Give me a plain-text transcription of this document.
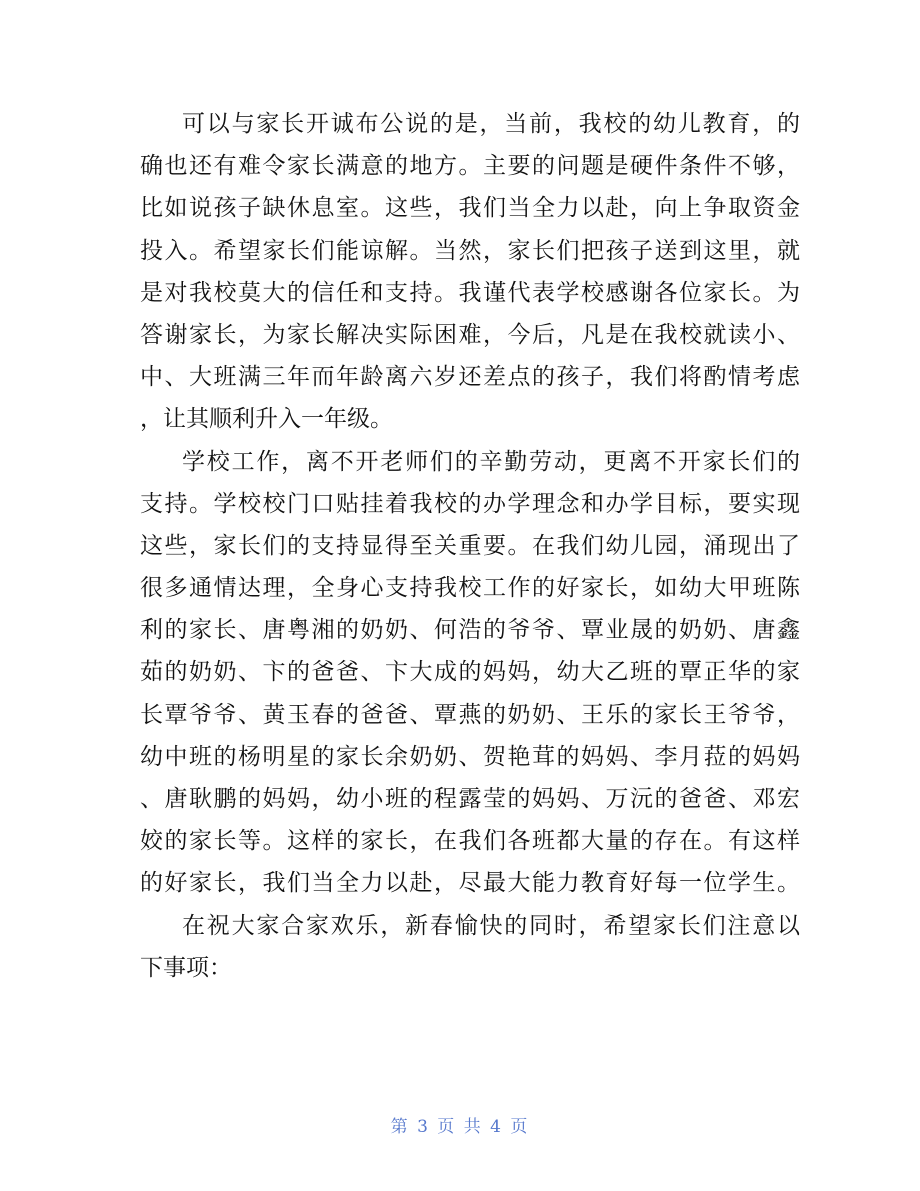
可以与家长开诚布公说的是，当前，我校的幼儿教育，的
确也还有难令家长满意的地方。主要的问题是硬件条件不够，
比如说孩子缺休息室。这些，我们当全力以赴，向上争取资金
投入。希望家长们能谅解。当然，家长们把孩子送到这里，就
是对我校莫大的信任和支持。我谨代表学校感谢各位家长。为
答谢家长，为家长解决实际困难，今后，凡是在我校就读小、
中、大班满三年而年龄离六岁还差点的孩子，我们将酌情考虑
，让其顺利升入一年级。
学校工作，离不开老师们的辛勤劳动，更离不开家长们的
支持。学校校门口贴挂着我校的办学理念和办学目标，要实现
这些，家长们的支持显得至关重要。在我们幼儿园，涌现出了
很多通情达理，全身心支持我校工作的好家长，如幼大甲班陈
利的家长、唐粤湘的奶奶、何浩的爷爷、覃业晟的奶奶、唐鑫
茹的奶奶、卞的爸爸、卞大成的妈妈，幼大乙班的覃正华的家
长覃爷爷、黄玉春的爸爸、覃燕的奶奶、王乐的家长王爷爷，
幼中班的杨明星的家长余奶奶、贺艳茸的妈妈、李月菈的妈妈
、唐耿鹏的妈妈，幼小班的程露莹的妈妈、万沅的爸爸、邓宏
姣的家长等。这样的家长，在我们各班都大量的存在。有这样
的好家长，我们当全力以赴，尽最大能力教育好每一位学生。
在祝大家合家欢乐，新春愉快的同时，希望家长们注意以
下事项：
第 3 页 共 4 页
